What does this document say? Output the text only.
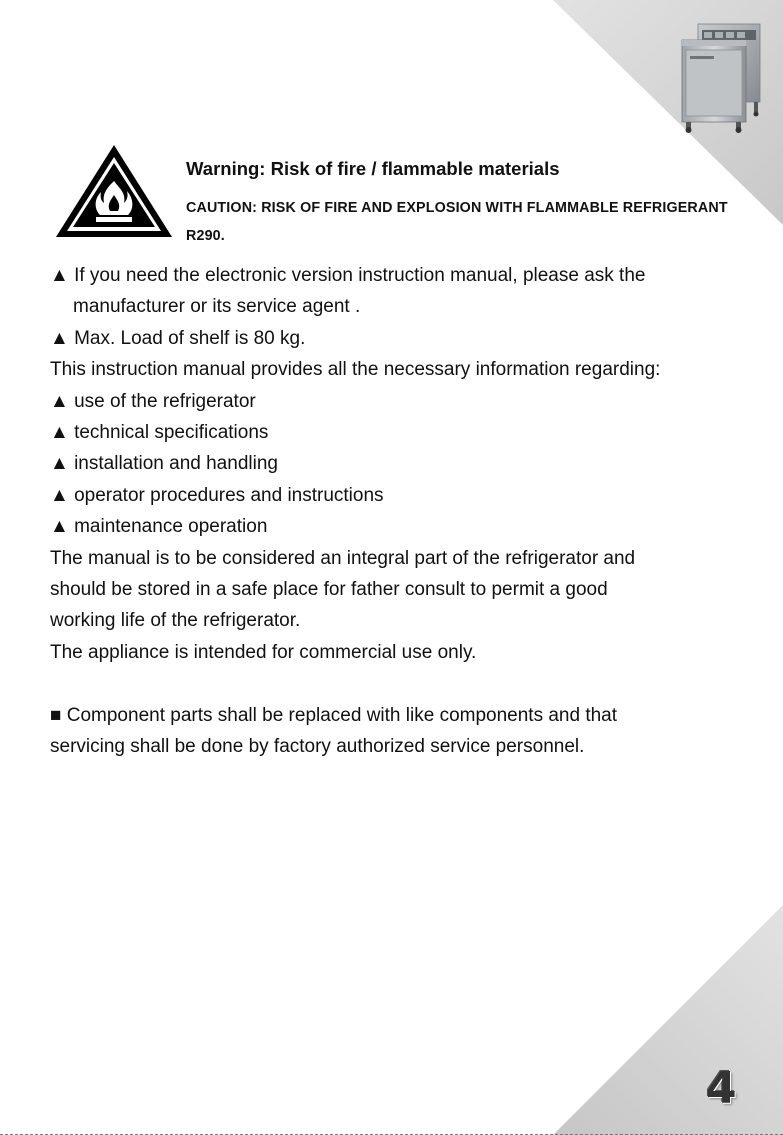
Warning: Risk of fire / flammable materials
CAUTION: RISK OF FIRE AND EXPLOSION WITH FLAMMABLE REFRIGERANT R290.

▲ If you need the electronic version instruction manual, please ask the

manufacturer or its service agent .

▲ Max. Load of shelf is 80 kg.

This instruction manual provides all the necessary information regarding:

▲ use of the refrigerator

▲ technical specifications

▲ installation and handling

▲ operator procedures and instructions

▲ maintenance operation

The manual is to be considered an integral part of the refrigerator and

should be stored in a safe place for father consult to permit a good

working life of the refrigerator.

The appliance is intended for commercial use only.

■ Component parts shall be replaced with like components and that

servicing shall be done by factory authorized service personnel.

4
